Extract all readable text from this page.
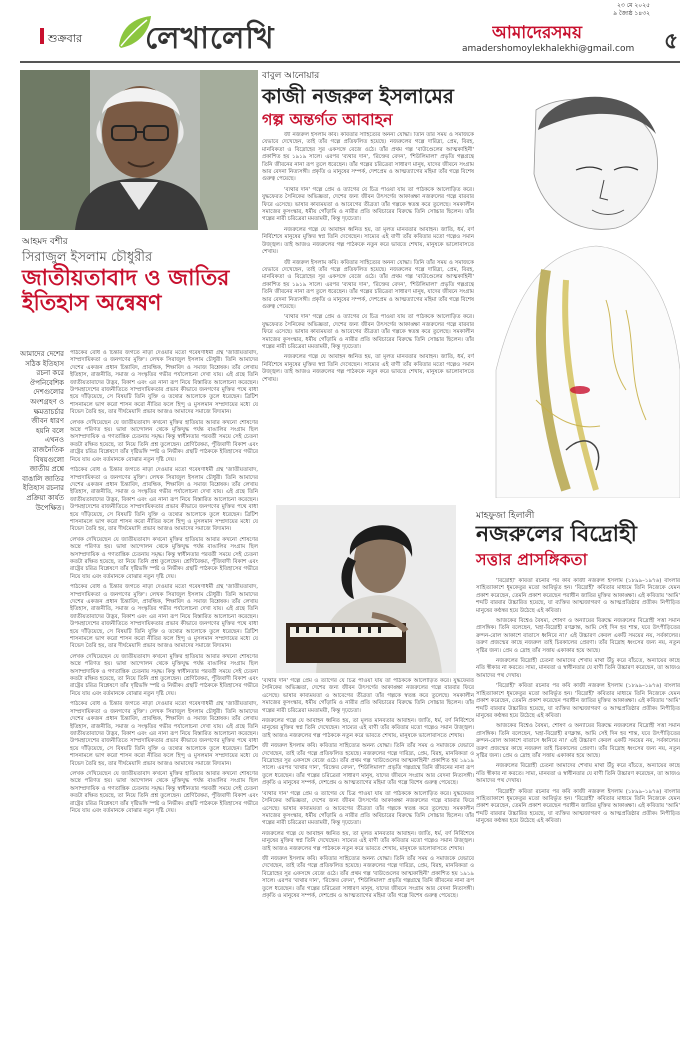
শুক্রবার লেখালেখি
২৩ মে ২০২৫
৯ জ্যৈষ্ঠ ১৪৩২
আমাদেরসময়
amadershomoylekhalekhi@gmail.com ৫
আহমদ বশীর
সিরাজুল ইসলাম চৌধুরীর
জাতীয়তাবাদ ও জাতির ইতিহাস অন্বেষণ
আমাদের দেশের সঠিক ইতিহাস রচনা করে ঔপনিবেশিক দেশগুলোর অংশগ্রহণ ও ক্ষমতাচর্চার জীবন ধারণ হয়নি বলে এখনও রাজনৈতিক বিষয়গুলো জাতীয় প্রশ্নে বাঙালি জাতির ইতিহাস রচনার প্রক্রিয়া কার্যত উপেক্ষিত।

পাঠকের বোধ ও চিন্তার জগতে নাড়া দেওয়ার মতো গবেষণাধর্মী গ্রন্থ 'জাতীয়তাবাদ, সাম্প্রদায়িকতা ও জনগণের মুক্তি'। লেখক সিরাজুল ইসলাম চৌধুরী। তিনি আমাদের দেশের একজন প্রধান চিন্তাবিদ, প্রাবন্ধিক, শিক্ষাবিদ ও সমাজ বিশ্লেষক। তাঁর লেখায় ইতিহাস, রাজনীতি, সমাজ ও সংস্কৃতির গভীর পর্যালোচনা দেখা যায়। এই গ্রন্থে তিনি জাতীয়তাবাদের উদ্ভব, বিকাশ এবং এর নানা রূপ নিয়ে বিস্তারিত আলোচনা করেছেন। উপমহাদেশের রাজনীতিতে সাম্প্রদায়িকতার প্রভাব কীভাবে জনগণের মুক্তির পথে বাধা হয়ে দাঁড়িয়েছে, সে বিষয়টি তিনি যুক্তি ও তথ্যের আলোকে তুলে ধরেছেন। ব্রিটিশ শাসনামলে ভাগ করো শাসন করো নীতির ফলে হিন্দু ও মুসলমান সম্প্রদায়ের মধ্যে যে বিভেদ তৈরি হয়, তার দীর্ঘমেয়াদি প্রভাব আজও আমাদের সমাজে বিদ্যমান।

লেখক দেখিয়েছেন যে জাতীয়তাবাদ কখনো মুক্তির হাতিয়ার আবার কখনো শোষণের অস্ত্রে পরিণত হয়। ভাষা আন্দোলন থেকে মুক্তিযুদ্ধ পর্যন্ত বাঙালির সংগ্রাম ছিল অসাম্প্রদায়িক ও গণতান্ত্রিক চেতনায় সমৃদ্ধ। কিন্তু স্বাধীনতার পরবর্তী সময়ে সেই চেতনা কতটা রক্ষিত হয়েছে, তা নিয়ে তিনি প্রশ্ন তুলেছেন। শ্রেণিবৈষম্য, পুঁজিবাদী বিকাশ এবং রাষ্ট্রের চরিত্র বিশ্লেষণে তাঁর দৃষ্টিভঙ্গি স্পষ্ট ও নির্ভীক। গ্রন্থটি পাঠককে ইতিহাসের গভীরে নিয়ে যায় এবং বর্তমানকে বোঝার নতুন দৃষ্টি দেয়।

পাঠকের বোধ ও চিন্তার জগতে নাড়া দেওয়ার মতো গবেষণাধর্মী গ্রন্থ 'জাতীয়তাবাদ, সাম্প্রদায়িকতা ও জনগণের মুক্তি'। লেখক সিরাজুল ইসলাম চৌধুরী। তিনি আমাদের দেশের একজন প্রধান চিন্তাবিদ, প্রাবন্ধিক, শিক্ষাবিদ ও সমাজ বিশ্লেষক। তাঁর লেখায় ইতিহাস, রাজনীতি, সমাজ ও সংস্কৃতির গভীর পর্যালোচনা দেখা যায়। এই গ্রন্থে তিনি জাতীয়তাবাদের উদ্ভব, বিকাশ এবং এর নানা রূপ নিয়ে বিস্তারিত আলোচনা করেছেন। উপমহাদেশের রাজনীতিতে সাম্প্রদায়িকতার প্রভাব কীভাবে জনগণের মুক্তির পথে বাধা হয়ে দাঁড়িয়েছে, সে বিষয়টি তিনি যুক্তি ও তথ্যের আলোকে তুলে ধরেছেন। ব্রিটিশ শাসনামলে ভাগ করো শাসন করো নীতির ফলে হিন্দু ও মুসলমান সম্প্রদায়ের মধ্যে যে বিভেদ তৈরি হয়, তার দীর্ঘমেয়াদি প্রভাব আজও আমাদের সমাজে বিদ্যমান।

লেখক দেখিয়েছেন যে জাতীয়তাবাদ কখনো মুক্তির হাতিয়ার আবার কখনো শোষণের অস্ত্রে পরিণত হয়। ভাষা আন্দোলন থেকে মুক্তিযুদ্ধ পর্যন্ত বাঙালির সংগ্রাম ছিল অসাম্প্রদায়িক ও গণতান্ত্রিক চেতনায় সমৃদ্ধ। কিন্তু স্বাধীনতার পরবর্তী সময়ে সেই চেতনা কতটা রক্ষিত হয়েছে, তা নিয়ে তিনি প্রশ্ন তুলেছেন। শ্রেণিবৈষম্য, পুঁজিবাদী বিকাশ এবং রাষ্ট্রের চরিত্র বিশ্লেষণে তাঁর দৃষ্টিভঙ্গি স্পষ্ট ও নির্ভীক। গ্রন্থটি পাঠককে ইতিহাসের গভীরে নিয়ে যায় এবং বর্তমানকে বোঝার নতুন দৃষ্টি দেয়।

পাঠকের বোধ ও চিন্তার জগতে নাড়া দেওয়ার মতো গবেষণাধর্মী গ্রন্থ 'জাতীয়তাবাদ, সাম্প্রদায়িকতা ও জনগণের মুক্তি'। লেখক সিরাজুল ইসলাম চৌধুরী। তিনি আমাদের দেশের একজন প্রধান চিন্তাবিদ, প্রাবন্ধিক, শিক্ষাবিদ ও সমাজ বিশ্লেষক। তাঁর লেখায় ইতিহাস, রাজনীতি, সমাজ ও সংস্কৃতির গভীর পর্যালোচনা দেখা যায়। এই গ্রন্থে তিনি জাতীয়তাবাদের উদ্ভব, বিকাশ এবং এর নানা রূপ নিয়ে বিস্তারিত আলোচনা করেছেন। উপমহাদেশের রাজনীতিতে সাম্প্রদায়িকতার প্রভাব কীভাবে জনগণের মুক্তির পথে বাধা হয়ে দাঁড়িয়েছে, সে বিষয়টি তিনি যুক্তি ও তথ্যের আলোকে তুলে ধরেছেন। ব্রিটিশ শাসনামলে ভাগ করো শাসন করো নীতির ফলে হিন্দু ও মুসলমান সম্প্রদায়ের মধ্যে যে বিভেদ তৈরি হয়, তার দীর্ঘমেয়াদি প্রভাব আজও আমাদের সমাজে বিদ্যমান।

লেখক দেখিয়েছেন যে জাতীয়তাবাদ কখনো মুক্তির হাতিয়ার আবার কখনো শোষণের অস্ত্রে পরিণত হয়। ভাষা আন্দোলন থেকে মুক্তিযুদ্ধ পর্যন্ত বাঙালির সংগ্রাম ছিল অসাম্প্রদায়িক ও গণতান্ত্রিক চেতনায় সমৃদ্ধ। কিন্তু স্বাধীনতার পরবর্তী সময়ে সেই চেতনা কতটা রক্ষিত হয়েছে, তা নিয়ে তিনি প্রশ্ন তুলেছেন। শ্রেণিবৈষম্য, পুঁজিবাদী বিকাশ এবং রাষ্ট্রের চরিত্র বিশ্লেষণে তাঁর দৃষ্টিভঙ্গি স্পষ্ট ও নির্ভীক। গ্রন্থটি পাঠককে ইতিহাসের গভীরে নিয়ে যায় এবং বর্তমানকে বোঝার নতুন দৃষ্টি দেয়।

পাঠকের বোধ ও চিন্তার জগতে নাড়া দেওয়ার মতো গবেষণাধর্মী গ্রন্থ 'জাতীয়তাবাদ, সাম্প্রদায়িকতা ও জনগণের মুক্তি'। লেখক সিরাজুল ইসলাম চৌধুরী। তিনি আমাদের দেশের একজন প্রধান চিন্তাবিদ, প্রাবন্ধিক, শিক্ষাবিদ ও সমাজ বিশ্লেষক। তাঁর লেখায় ইতিহাস, রাজনীতি, সমাজ ও সংস্কৃতির গভীর পর্যালোচনা দেখা যায়। এই গ্রন্থে তিনি জাতীয়তাবাদের উদ্ভব, বিকাশ এবং এর নানা রূপ নিয়ে বিস্তারিত আলোচনা করেছেন। উপমহাদেশের রাজনীতিতে সাম্প্রদায়িকতার প্রভাব কীভাবে জনগণের মুক্তির পথে বাধা হয়ে দাঁড়িয়েছে, সে বিষয়টি তিনি যুক্তি ও তথ্যের আলোকে তুলে ধরেছেন। ব্রিটিশ শাসনামলে ভাগ করো শাসন করো নীতির ফলে হিন্দু ও মুসলমান সম্প্রদায়ের মধ্যে যে বিভেদ তৈরি হয়, তার দীর্ঘমেয়াদি প্রভাব আজও আমাদের সমাজে বিদ্যমান।

লেখক দেখিয়েছেন যে জাতীয়তাবাদ কখনো মুক্তির হাতিয়ার আবার কখনো শোষণের অস্ত্রে পরিণত হয়। ভাষা আন্দোলন থেকে মুক্তিযুদ্ধ পর্যন্ত বাঙালির সংগ্রাম ছিল অসাম্প্রদায়িক ও গণতান্ত্রিক চেতনায় সমৃদ্ধ। কিন্তু স্বাধীনতার পরবর্তী সময়ে সেই চেতনা কতটা রক্ষিত হয়েছে, তা নিয়ে তিনি প্রশ্ন তুলেছেন। শ্রেণিবৈষম্য, পুঁজিবাদী বিকাশ এবং রাষ্ট্রের চরিত্র বিশ্লেষণে তাঁর দৃষ্টিভঙ্গি স্পষ্ট ও নির্ভীক। গ্রন্থটি পাঠককে ইতিহাসের গভীরে নিয়ে যায় এবং বর্তমানকে বোঝার নতুন দৃষ্টি দেয়।

বাবুল আনোয়ার
কাজী নজরুল ইসলামের
গল্প অন্তর্গত আবাহন

জী নজরুল ইসলাম কবি। কবিতার সাহিত্যের অনন্য যোদ্ধা। তিনি তাঁর সময় ও সমাজকে যেভাবে দেখেছেন, তাই তাঁর গল্পে প্রতিফলিত হয়েছে। নজরুলের গল্পে দারিদ্র্য, প্রেম, বিরহ, মানবিকতা ও বিদ্রোহের সুর একসঙ্গে বেজে ওঠে। তাঁর প্রথম গল্প 'বাউণ্ডেলের আত্মকাহিনী' প্রকাশিত হয় ১৯১৯ সালে। এরপর 'ব্যথার দান', 'রিক্তের বেদন', 'শিউলিমালা' প্রভৃতি গল্পগ্রন্থে তিনি জীবনের নানা রূপ তুলে ধরেছেন। তাঁর গল্পের চরিত্রেরা সাধারণ মানুষ, যাদের জীবনে সংগ্রাম আর বেদনা নিত্যসঙ্গী। প্রকৃতি ও মানুষের সম্পর্ক, দেশপ্রেম ও আত্মত্যাগের মহিমা তাঁর গল্পে বিশেষ গুরুত্ব পেয়েছে।

'ব্যথার দান' গল্পে প্রেম ও ত্যাগের যে চিত্র পাওয়া যায় তা পাঠককে আলোড়িত করে। যুদ্ধফেরত সৈনিকের অভিজ্ঞতা, দেশের জন্য জীবন উৎসর্গের আকাঙ্ক্ষা নজরুলের গল্পে বারবার ফিরে এসেছে। ভাষার কাব্যময়তা ও আবেগের তীব্রতা তাঁর গল্পকে স্বতন্ত্র করে তুলেছে। সমকালীন সমাজের কুসংস্কার, ধর্মীয় গোঁড়ামি ও নারীর প্রতি অবিচারের বিরুদ্ধে তিনি সোচ্চার ছিলেন। তাঁর গল্পের নারী চরিত্রেরা মমতাময়ী, কিন্তু দৃঢ়চেতা।

নজরুলের গল্পে যে আবাহন ধ্বনিত হয়, তা মূলত মানবতার আবাহন। জাতি, ধর্ম, বর্ণ নির্বিশেষে মানুষের মুক্তির স্বপ্ন তিনি দেখেছেন। সাম্যের এই বাণী তাঁর কবিতার মতো গল্পেও সমান উজ্জ্বল। তাই আজও নজরুলের গল্প পাঠককে নতুন করে ভাবতে শেখায়, মানুষকে ভালোবাসতে শেখায়।

জী নজরুল ইসলাম কবি। কবিতার সাহিত্যের অনন্য যোদ্ধা। তিনি তাঁর সময় ও সমাজকে যেভাবে দেখেছেন, তাই তাঁর গল্পে প্রতিফলিত হয়েছে। নজরুলের গল্পে দারিদ্র্য, প্রেম, বিরহ, মানবিকতা ও বিদ্রোহের সুর একসঙ্গে বেজে ওঠে। তাঁর প্রথম গল্প 'বাউণ্ডেলের আত্মকাহিনী' প্রকাশিত হয় ১৯১৯ সালে। এরপর 'ব্যথার দান', 'রিক্তের বেদন', 'শিউলিমালা' প্রভৃতি গল্পগ্রন্থে তিনি জীবনের নানা রূপ তুলে ধরেছেন। তাঁর গল্পের চরিত্রেরা সাধারণ মানুষ, যাদের জীবনে সংগ্রাম আর বেদনা নিত্যসঙ্গী। প্রকৃতি ও মানুষের সম্পর্ক, দেশপ্রেম ও আত্মত্যাগের মহিমা তাঁর গল্পে বিশেষ গুরুত্ব পেয়েছে।

'ব্যথার দান' গল্পে প্রেম ও ত্যাগের যে চিত্র পাওয়া যায় তা পাঠককে আলোড়িত করে। যুদ্ধফেরত সৈনিকের অভিজ্ঞতা, দেশের জন্য জীবন উৎসর্গের আকাঙ্ক্ষা নজরুলের গল্পে বারবার ফিরে এসেছে। ভাষার কাব্যময়তা ও আবেগের তীব্রতা তাঁর গল্পকে স্বতন্ত্র করে তুলেছে। সমকালীন সমাজের কুসংস্কার, ধর্মীয় গোঁড়ামি ও নারীর প্রতি অবিচারের বিরুদ্ধে তিনি সোচ্চার ছিলেন। তাঁর গল্পের নারী চরিত্রেরা মমতাময়ী, কিন্তু দৃঢ়চেতা।

নজরুলের গল্পে যে আবাহন ধ্বনিত হয়, তা মূলত মানবতার আবাহন। জাতি, ধর্ম, বর্ণ নির্বিশেষে মানুষের মুক্তির স্বপ্ন তিনি দেখেছেন। সাম্যের এই বাণী তাঁর কবিতার মতো গল্পেও সমান উজ্জ্বল। তাই আজও নজরুলের গল্প পাঠককে নতুন করে ভাবতে শেখায়, মানুষকে ভালোবাসতে শেখায়।

'ব্যথার দান' গল্পে প্রেম ও ত্যাগের যে চিত্র পাওয়া যায় তা পাঠককে আলোড়িত করে। যুদ্ধফেরত সৈনিকের অভিজ্ঞতা, দেশের জন্য জীবন উৎসর্গের আকাঙ্ক্ষা নজরুলের গল্পে বারবার ফিরে এসেছে। ভাষার কাব্যময়তা ও আবেগের তীব্রতা তাঁর গল্পকে স্বতন্ত্র করে তুলেছে। সমকালীন সমাজের কুসংস্কার, ধর্মীয় গোঁড়ামি ও নারীর প্রতি অবিচারের বিরুদ্ধে তিনি সোচ্চার ছিলেন। তাঁর গল্পের নারী চরিত্রেরা মমতাময়ী, কিন্তু দৃঢ়চেতা।

নজরুলের গল্পে যে আবাহন ধ্বনিত হয়, তা মূলত মানবতার আবাহন। জাতি, ধর্ম, বর্ণ নির্বিশেষে মানুষের মুক্তির স্বপ্ন তিনি দেখেছেন। সাম্যের এই বাণী তাঁর কবিতার মতো গল্পেও সমান উজ্জ্বল। তাই আজও নজরুলের গল্প পাঠককে নতুন করে ভাবতে শেখায়, মানুষকে ভালোবাসতে শেখায়।

জী নজরুল ইসলাম কবি। কবিতার সাহিত্যের অনন্য যোদ্ধা। তিনি তাঁর সময় ও সমাজকে যেভাবে দেখেছেন, তাই তাঁর গল্পে প্রতিফলিত হয়েছে। নজরুলের গল্পে দারিদ্র্য, প্রেম, বিরহ, মানবিকতা ও বিদ্রোহের সুর একসঙ্গে বেজে ওঠে। তাঁর প্রথম গল্প 'বাউণ্ডেলের আত্মকাহিনী' প্রকাশিত হয় ১৯১৯ সালে। এরপর 'ব্যথার দান', 'রিক্তের বেদন', 'শিউলিমালা' প্রভৃতি গল্পগ্রন্থে তিনি জীবনের নানা রূপ তুলে ধরেছেন। তাঁর গল্পের চরিত্রেরা সাধারণ মানুষ, যাদের জীবনে সংগ্রাম আর বেদনা নিত্যসঙ্গী। প্রকৃতি ও মানুষের সম্পর্ক, দেশপ্রেম ও আত্মত্যাগের মহিমা তাঁর গল্পে বিশেষ গুরুত্ব পেয়েছে।

'ব্যথার দান' গল্পে প্রেম ও ত্যাগের যে চিত্র পাওয়া যায় তা পাঠককে আলোড়িত করে। যুদ্ধফেরত সৈনিকের অভিজ্ঞতা, দেশের জন্য জীবন উৎসর্গের আকাঙ্ক্ষা নজরুলের গল্পে বারবার ফিরে এসেছে। ভাষার কাব্যময়তা ও আবেগের তীব্রতা তাঁর গল্পকে স্বতন্ত্র করে তুলেছে। সমকালীন সমাজের কুসংস্কার, ধর্মীয় গোঁড়ামি ও নারীর প্রতি অবিচারের বিরুদ্ধে তিনি সোচ্চার ছিলেন। তাঁর গল্পের নারী চরিত্রেরা মমতাময়ী, কিন্তু দৃঢ়চেতা।

নজরুলের গল্পে যে আবাহন ধ্বনিত হয়, তা মূলত মানবতার আবাহন। জাতি, ধর্ম, বর্ণ নির্বিশেষে মানুষের মুক্তির স্বপ্ন তিনি দেখেছেন। সাম্যের এই বাণী তাঁর কবিতার মতো গল্পেও সমান উজ্জ্বল। তাই আজও নজরুলের গল্প পাঠককে নতুন করে ভাবতে শেখায়, মানুষকে ভালোবাসতে শেখায়।

জী নজরুল ইসলাম কবি। কবিতার সাহিত্যের অনন্য যোদ্ধা। তিনি তাঁর সময় ও সমাজকে যেভাবে দেখেছেন, তাই তাঁর গল্পে প্রতিফলিত হয়েছে। নজরুলের গল্পে দারিদ্র্য, প্রেম, বিরহ, মানবিকতা ও বিদ্রোহের সুর একসঙ্গে বেজে ওঠে। তাঁর প্রথম গল্প 'বাউণ্ডেলের আত্মকাহিনী' প্রকাশিত হয় ১৯১৯ সালে। এরপর 'ব্যথার দান', 'রিক্তের বেদন', 'শিউলিমালা' প্রভৃতি গল্পগ্রন্থে তিনি জীবনের নানা রূপ তুলে ধরেছেন। তাঁর গল্পের চরিত্রেরা সাধারণ মানুষ, যাদের জীবনে সংগ্রাম আর বেদনা নিত্যসঙ্গী। প্রকৃতি ও মানুষের সম্পর্ক, দেশপ্রেম ও আত্মত্যাগের মহিমা তাঁর গল্পে বিশেষ গুরুত্ব পেয়েছে।

মাহফুজা হিলালী
নজরুলের বিদ্রোহী
সত্তার প্রাসঙ্গিকতা

'বিদ্রোহী' কবিতা রচনার পর কবি কাজী নজরুল ইসলাম (১৮৯৯–১৯৭৬) বাংলার সাহিত্যাকাশে ধূমকেতুর মতো আবির্ভূত হন। 'বিদ্রোহী' কবিতার মাধ্যমে তিনি নিজেকে যেমন প্রকাশ করেছেন, তেমনি প্রকাশ করেছেন পরাধীন জাতির মুক্তির আকাঙ্ক্ষা। এই কবিতায় 'আমি' শব্দটি বারবার উচ্চারিত হয়েছে, যা ব্যক্তির আত্মজাগরণ ও আত্মপ্রতিষ্ঠার প্রতীক। নিপীড়িত মানুষের কণ্ঠস্বর হয়ে উঠেছে এই কবিতা।

আজকের বিশ্বেও বৈষম্য, শোষণ ও অন্যায়ের বিরুদ্ধে নজরুলের বিদ্রোহী সত্তা সমান প্রাসঙ্গিক। তিনি বলেছেন, 'মহা-বিদ্রোহী রণক্লান্ত, আমি সেই দিন হব শান্ত, যবে উৎপীড়িতের ক্রন্দন-রোল আকাশে বাতাসে ধ্বনিবে না।' এই উচ্চারণ কেবল একটি সময়ের নয়, সর্বকালের। তরুণ প্রজন্মের কাছে নজরুল তাই চিরকালের প্রেরণা। তাঁর বিদ্রোহ ধ্বংসের জন্য নয়, নতুন সৃষ্টির জন্য। প্রেম ও দ্রোহ তাঁর সত্তায় একাকার হয়ে আছে।

নজরুলের বিদ্রোহী চেতনা আমাদের শেখায় মাথা উঁচু করে বাঁচতে, অন্যায়ের কাছে নতি স্বীকার না করতে। সাম্য, মানবতা ও স্বাধীনতার যে বাণী তিনি উচ্চারণ করেছেন, তা আজও আমাদের পথ দেখায়।

'বিদ্রোহী' কবিতা রচনার পর কবি কাজী নজরুল ইসলাম (১৮৯৯–১৯৭৬) বাংলার সাহিত্যাকাশে ধূমকেতুর মতো আবির্ভূত হন। 'বিদ্রোহী' কবিতার মাধ্যমে তিনি নিজেকে যেমন প্রকাশ করেছেন, তেমনি প্রকাশ করেছেন পরাধীন জাতির মুক্তির আকাঙ্ক্ষা। এই কবিতায় 'আমি' শব্দটি বারবার উচ্চারিত হয়েছে, যা ব্যক্তির আত্মজাগরণ ও আত্মপ্রতিষ্ঠার প্রতীক। নিপীড়িত মানুষের কণ্ঠস্বর হয়ে উঠেছে এই কবিতা।

আজকের বিশ্বেও বৈষম্য, শোষণ ও অন্যায়ের বিরুদ্ধে নজরুলের বিদ্রোহী সত্তা সমান প্রাসঙ্গিক। তিনি বলেছেন, 'মহা-বিদ্রোহী রণক্লান্ত, আমি সেই দিন হব শান্ত, যবে উৎপীড়িতের ক্রন্দন-রোল আকাশে বাতাসে ধ্বনিবে না।' এই উচ্চারণ কেবল একটি সময়ের নয়, সর্বকালের। তরুণ প্রজন্মের কাছে নজরুল তাই চিরকালের প্রেরণা। তাঁর বিদ্রোহ ধ্বংসের জন্য নয়, নতুন সৃষ্টির জন্য। প্রেম ও দ্রোহ তাঁর সত্তায় একাকার হয়ে আছে।

নজরুলের বিদ্রোহী চেতনা আমাদের শেখায় মাথা উঁচু করে বাঁচতে, অন্যায়ের কাছে নতি স্বীকার না করতে। সাম্য, মানবতা ও স্বাধীনতার যে বাণী তিনি উচ্চারণ করেছেন, তা আজও আমাদের পথ দেখায়।

'বিদ্রোহী' কবিতা রচনার পর কবি কাজী নজরুল ইসলাম (১৮৯৯–১৯৭৬) বাংলার সাহিত্যাকাশে ধূমকেতুর মতো আবির্ভূত হন। 'বিদ্রোহী' কবিতার মাধ্যমে তিনি নিজেকে যেমন প্রকাশ করেছেন, তেমনি প্রকাশ করেছেন পরাধীন জাতির মুক্তির আকাঙ্ক্ষা। এই কবিতায় 'আমি' শব্দটি বারবার উচ্চারিত হয়েছে, যা ব্যক্তির আত্মজাগরণ ও আত্মপ্রতিষ্ঠার প্রতীক। নিপীড়িত মানুষের কণ্ঠস্বর হয়ে উঠেছে এই কবিতা।
